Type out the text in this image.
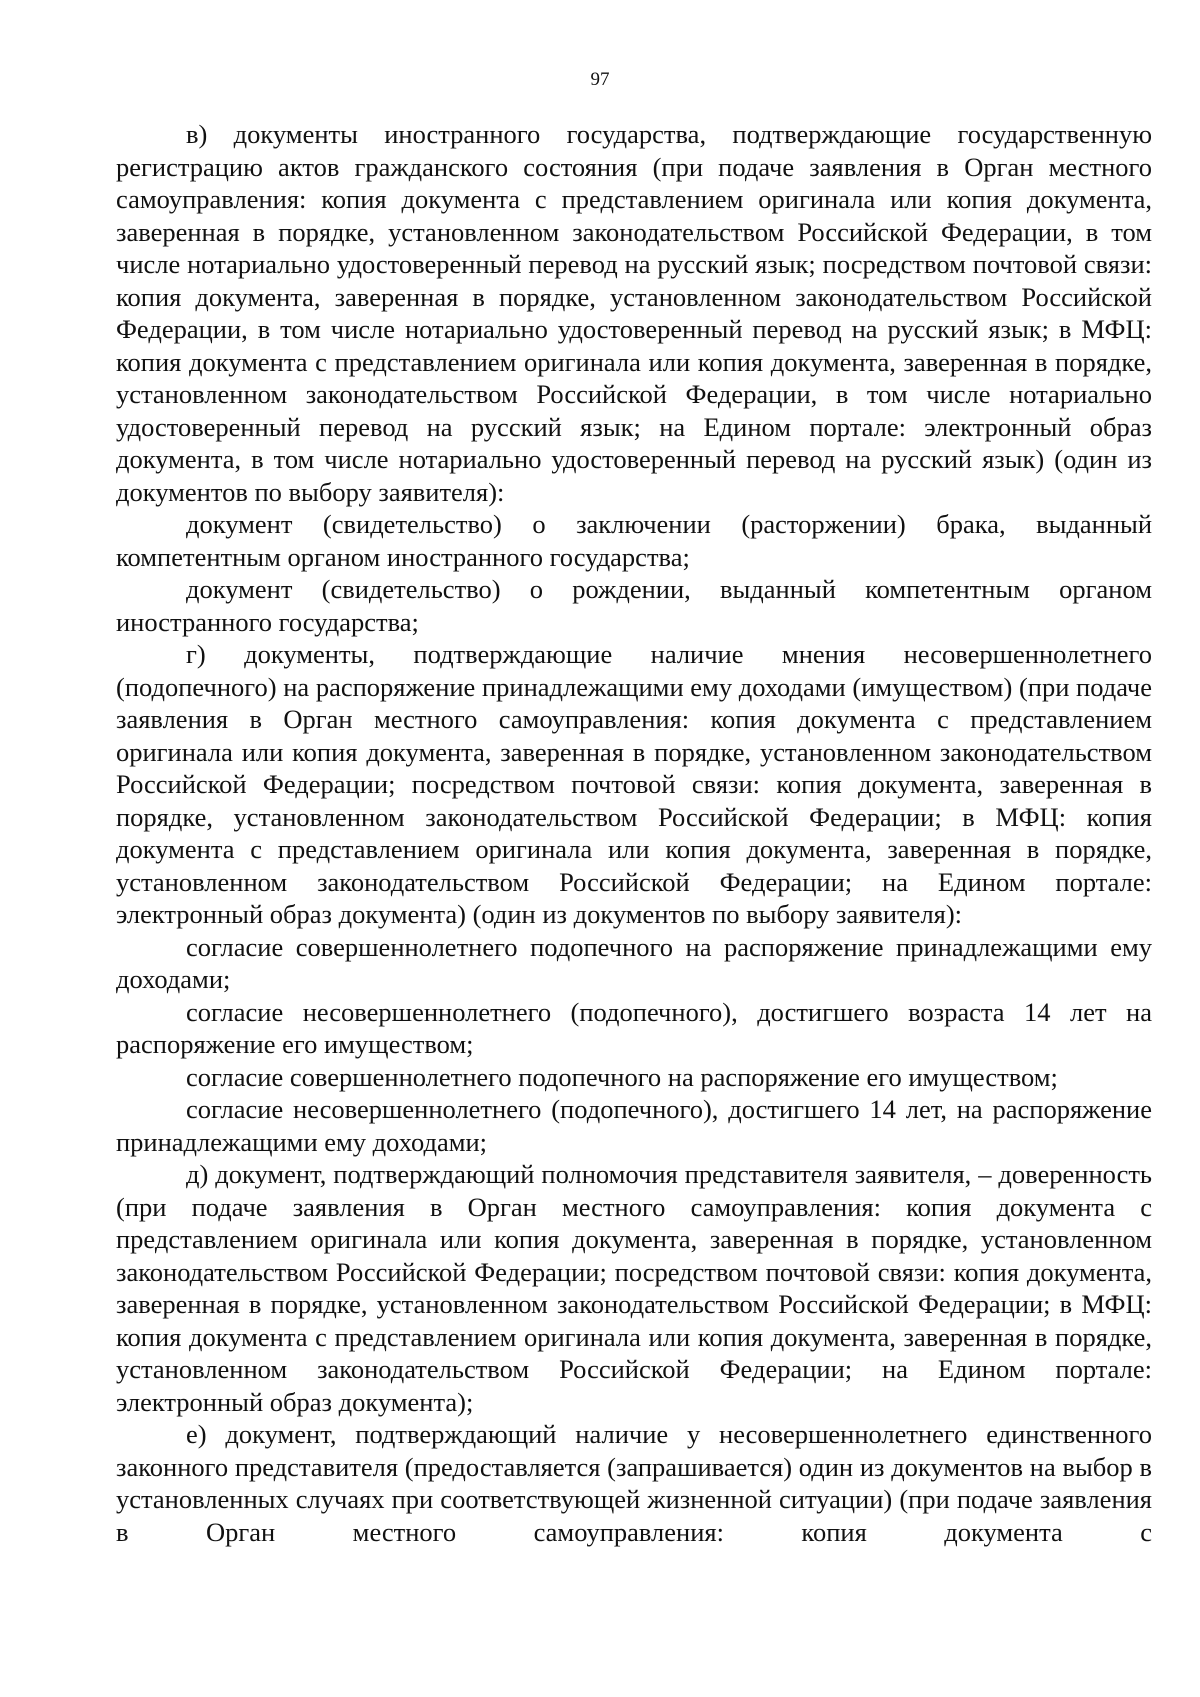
97

в) документы иностранного государства, подтверждающие государственную регистрацию актов гражданского состояния (при подаче заявления в Орган местного самоуправления: копия документа с представлением оригинала или копия документа, заверенная в порядке, установленном законодательством Российской Федерации, в том числе нотариально удостоверенный перевод на русский язык; посредством почтовой связи: копия документа, заверенная в порядке, установленном законодательством Российской Федерации, в том числе нотариально удостоверенный перевод на русский язык; в МФЦ: копия документа с представлением оригинала или копия документа, заверенная в порядке, установленном законодательством Российской Федерации, в том числе нотариально удостоверенный перевод на русский язык; на Едином портале: электронный образ документа, в том числе нотариально удостоверенный перевод на русский язык) (один из документов по выбору заявителя):

документ (свидетельство) о заключении (расторжении) брака, выданный компетентным органом иностранного государства;

документ (свидетельство) о рождении, выданный компетентным органом иностранного государства;

г) документы, подтверждающие наличие мнения несовершеннолетнего (подопечного) на распоряжение принадлежащими ему доходами (имуществом) (при подаче заявления в Орган местного самоуправления: копия документа с представлением оригинала или копия документа, заверенная в порядке, установленном законодательством Российской Федерации; посредством почтовой связи: копия документа, заверенная в порядке, установленном законодательством Российской Федерации; в МФЦ: копия документа с представлением оригинала или копия документа, заверенная в порядке, установленном законодательством Российской Федерации; на Едином портале: электронный образ документа) (один из документов по выбору заявителя):

согласие совершеннолетнего подопечного на распоряжение принадлежащими ему доходами;

согласие несовершеннолетнего (подопечного), достигшего возраста 14 лет на распоряжение его имуществом;

согласие совершеннолетнего подопечного на распоряжение его имуществом;

согласие несовершеннолетнего (подопечного), достигшего 14 лет, на распоряжение принадлежащими ему доходами;

д) документ, подтверждающий полномочия представителя заявителя, – доверенность (при подаче заявления в Орган местного самоуправления: копия документа с представлением оригинала или копия документа, заверенная в порядке, установленном законодательством Российской Федерации; посредством почтовой связи: копия документа, заверенная в порядке, установленном законодательством Российской Федерации; в МФЦ: копия документа с представлением оригинала или копия документа, заверенная в порядке, установленном законодательством Российской Федерации; на Едином портале: электронный образ документа);

е) документ, подтверждающий наличие у несовершеннолетнего единственного законного представителя (предоставляется (запрашивается) один из документов на выбор в установленных случаях при соответствующей жизненной ситуации) (при подаче заявления в Орган местного самоуправления: копия документа с
